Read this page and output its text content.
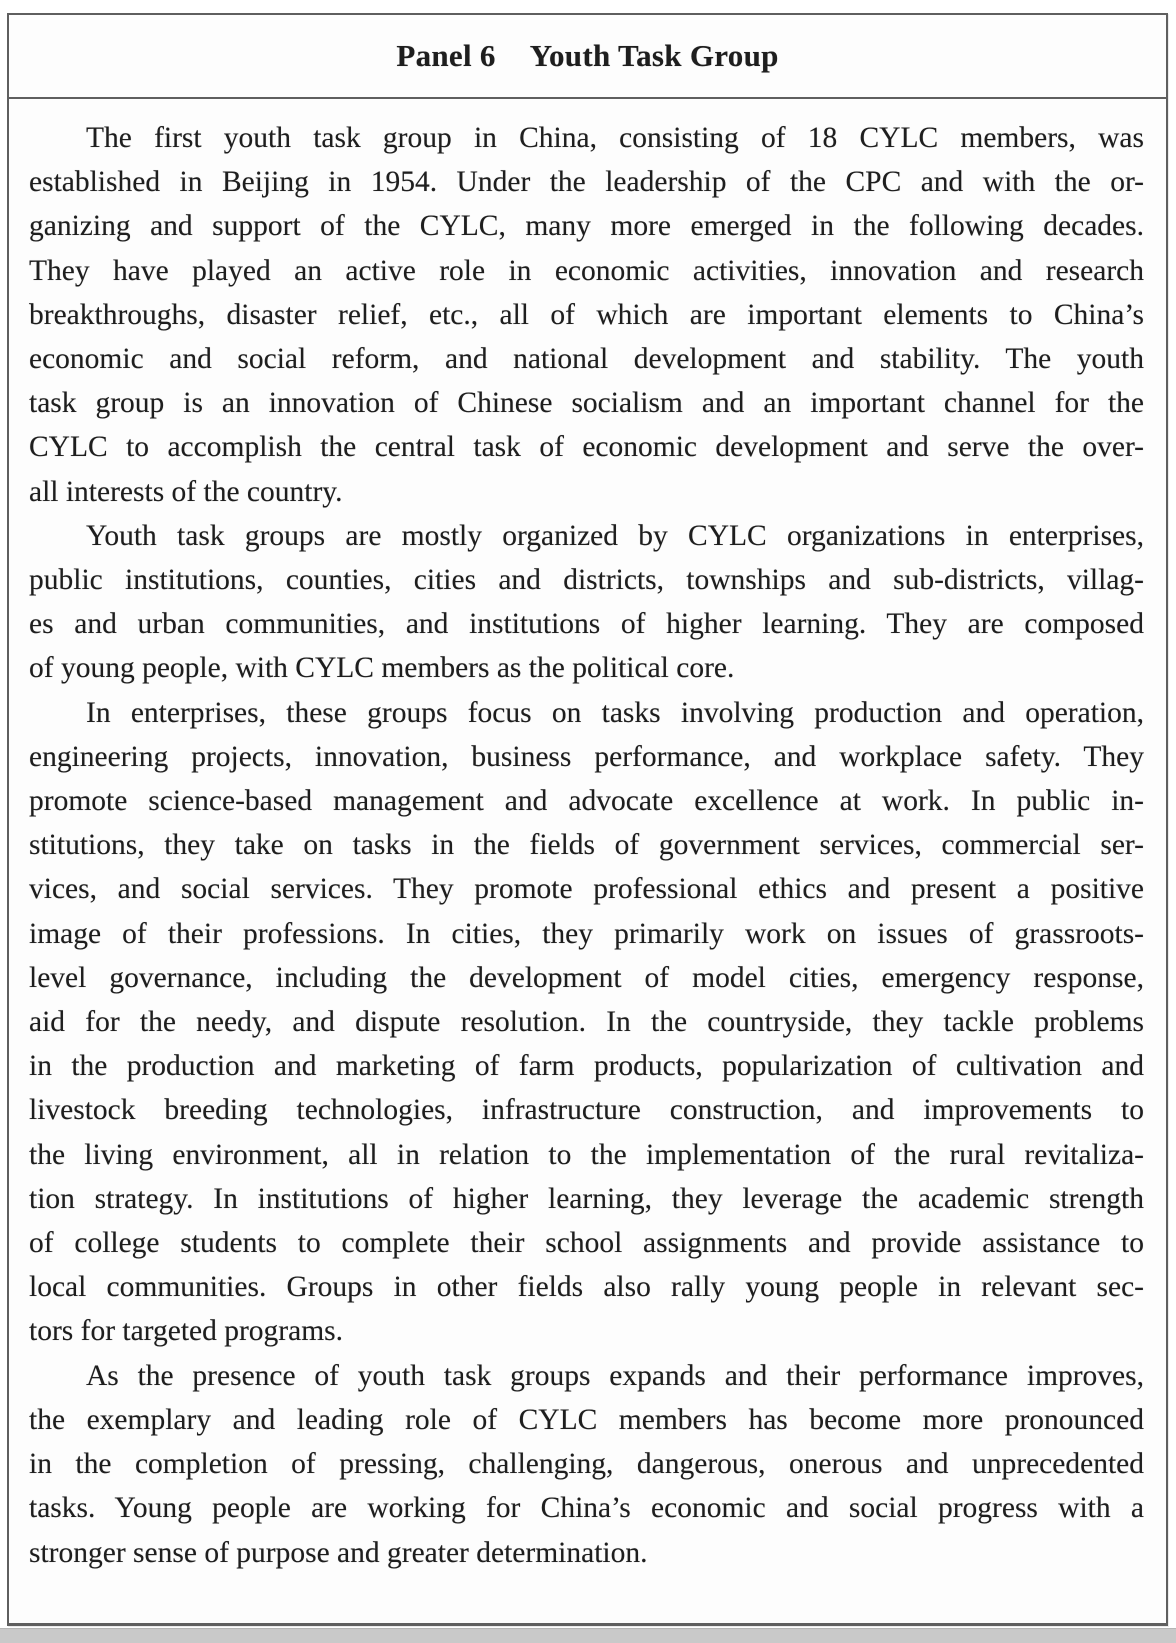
Panel 6 Youth Task Group
The first youth task group in China, consisting of 18 CYLC members, was
established in Beijing in 1954. Under the leadership of the CPC and with the or-
ganizing and support of the CYLC, many more emerged in the following decades.
They have played an active role in economic activities, innovation and research
breakthroughs, disaster relief, etc., all of which are important elements to China’s
economic and social reform, and national development and stability. The youth
task group is an innovation of Chinese socialism and an important channel for the
CYLC to accomplish the central task of economic development and serve the over-
all interests of the country.
Youth task groups are mostly organized by CYLC organizations in enterprises,
public institutions, counties, cities and districts, townships and sub-districts, villag-
es and urban communities, and institutions of higher learning. They are composed
of young people, with CYLC members as the political core.
In enterprises, these groups focus on tasks involving production and operation,
engineering projects, innovation, business performance, and workplace safety. They
promote science-based management and advocate excellence at work. In public in-
stitutions, they take on tasks in the fields of government services, commercial ser-
vices, and social services. They promote professional ethics and present a positive
image of their professions. In cities, they primarily work on issues of grassroots-
level governance, including the development of model cities, emergency response,
aid for the needy, and dispute resolution. In the countryside, they tackle problems
in the production and marketing of farm products, popularization of cultivation and
livestock breeding technologies, infrastructure construction, and improvements to
the living environment, all in relation to the implementation of the rural revitaliza-
tion strategy. In institutions of higher learning, they leverage the academic strength
of college students to complete their school assignments and provide assistance to
local communities. Groups in other fields also rally young people in relevant sec-
tors for targeted programs.
As the presence of youth task groups expands and their performance improves,
the exemplary and leading role of CYLC members has become more pronounced
in the completion of pressing, challenging, dangerous, onerous and unprecedented
tasks. Young people are working for China’s economic and social progress with a
stronger sense of purpose and greater determination.
